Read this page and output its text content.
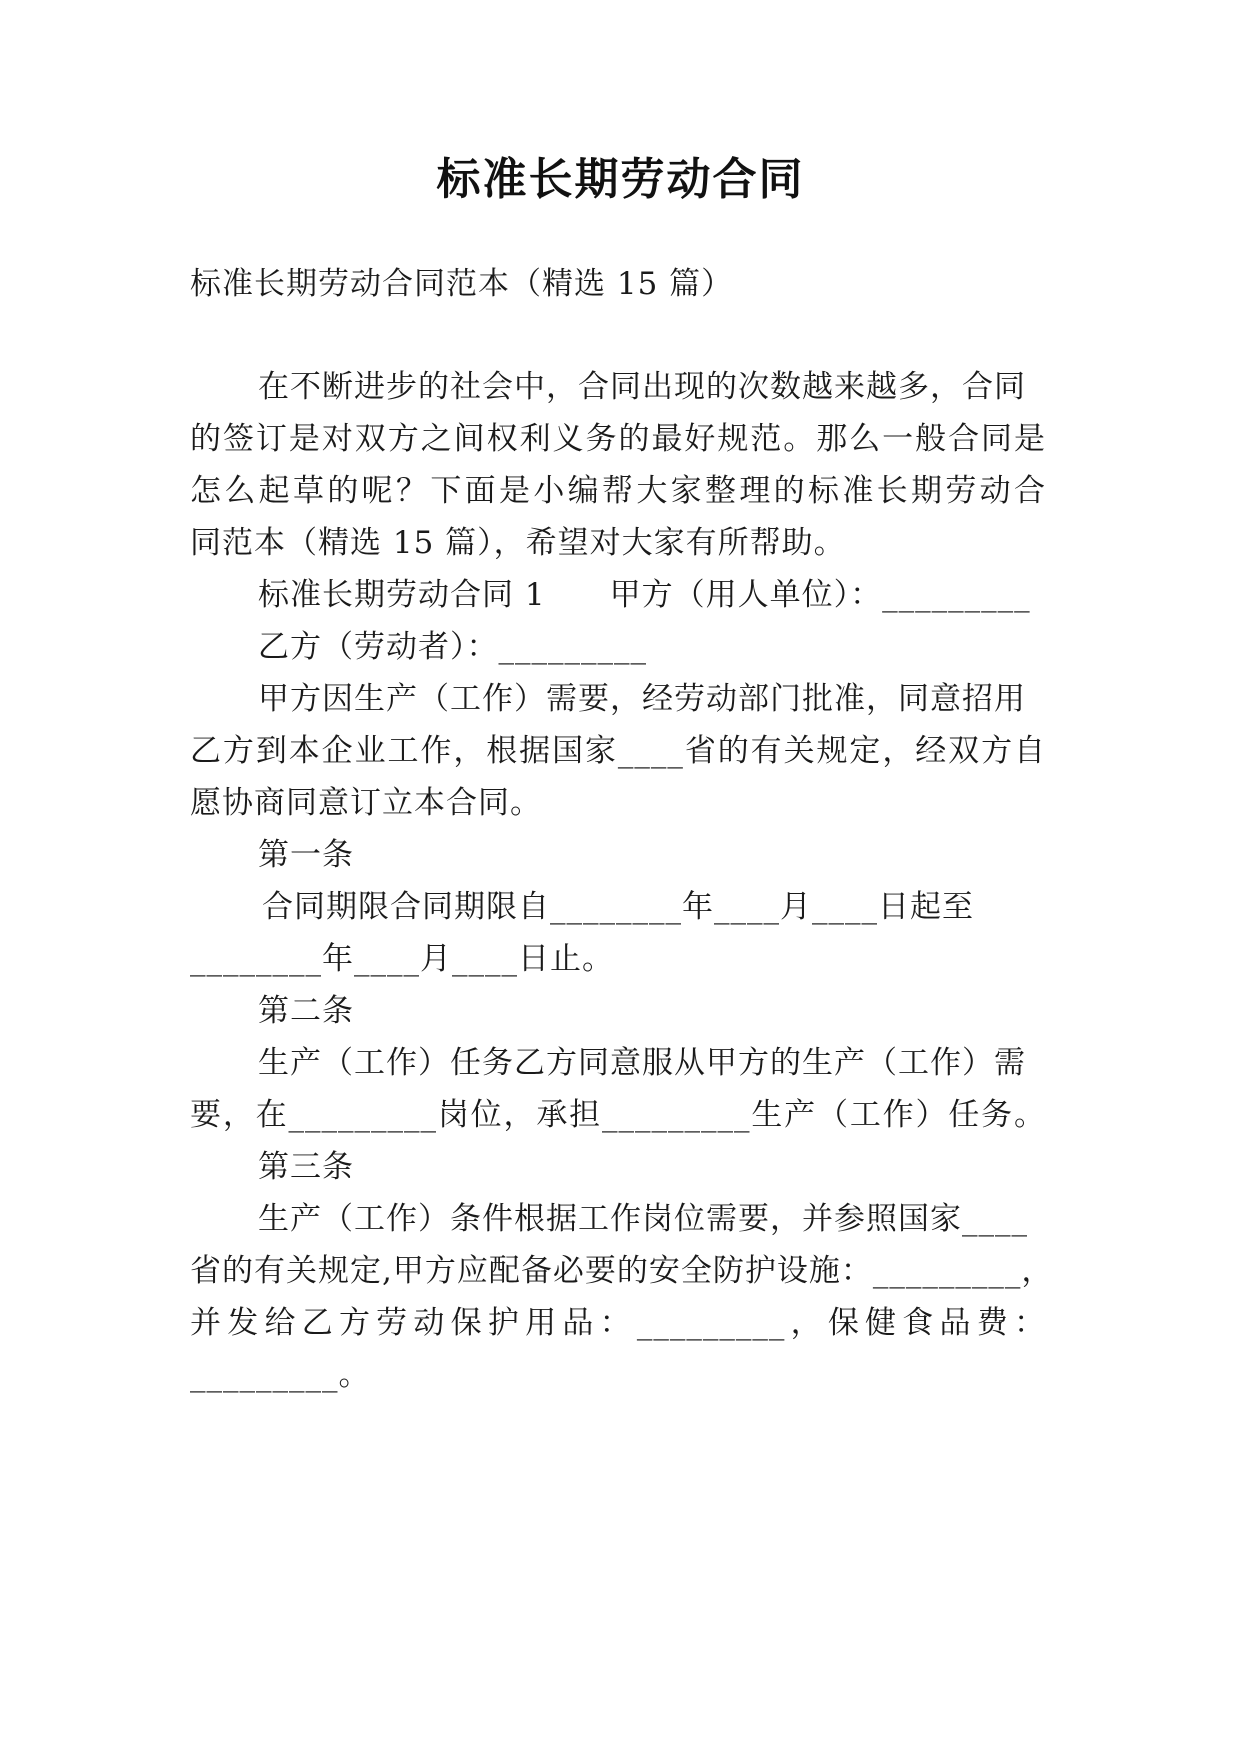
标准长期劳动合同
标准长期劳动合同范本（精选 15 篇）
在不断进步的社会中，合同出现的次数越来越多，合同
的签订是对双方之间权利义务的最好规范。那么一般合同是
怎么起草的呢？下面是小编帮大家整理的标准长期劳动合
同范本（精选 15 篇），希望对大家有所帮助。
标准长期劳动合同 1　　甲方（用人单位）：_________
乙方（劳动者）：_________
甲方因生产（工作）需要，经劳动部门批准，同意招用
乙方到本企业工作，根据国家____省的有关规定，经双方自
愿协商同意订立本合同。
第一条
合同期限合同期限自________年____月____日起至
________年____月____日止。
第二条
生产（工作）任务乙方同意服从甲方的生产（工作）需
要，在_________岗位，承担_________生产（工作）任务。
第三条
生产（工作）条件根据工作岗位需要，并参照国家____
省的有关规定,甲方应配备必要的安全防护设施：_________，
并发给乙方劳动保护用品：_________，保健食品费：
_________。
